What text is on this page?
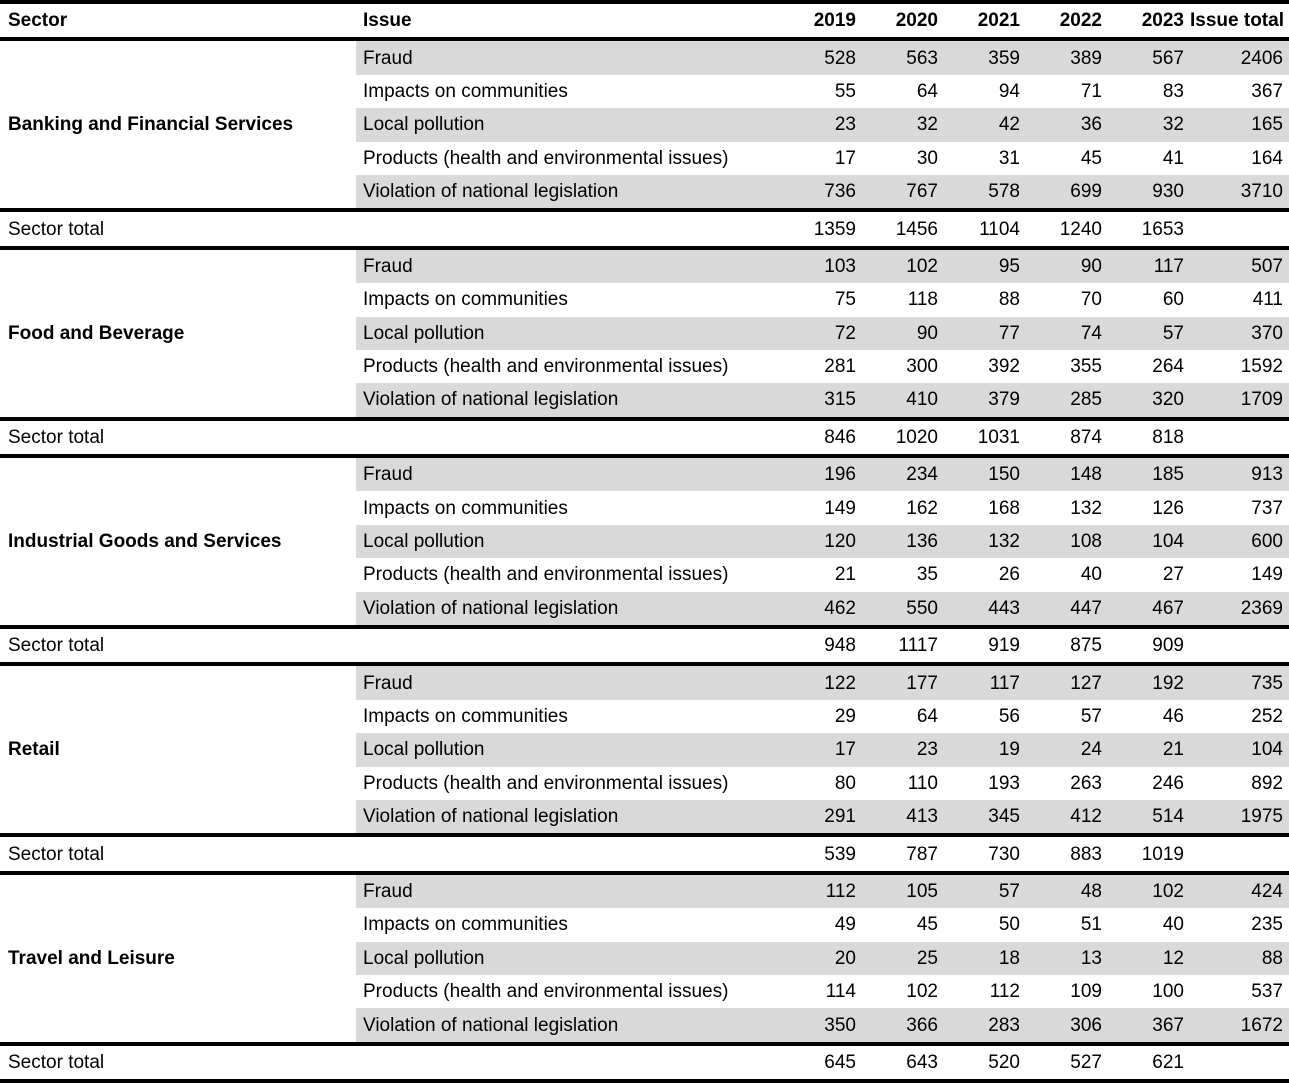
Sector	Issue	2019	2020	2021	2022	2023	Issue total
Banking and Financial Services	Fraud	528	563	359	389	567	2406
	Impacts on communities	55	64	94	71	83	367
	Local pollution	23	32	42	36	32	165
	Products (health and environmental issues)	17	30	31	45	41	164
	Violation of national legislation	736	767	578	699	930	3710
Sector total		1359	1456	1104	1240	1653	
Food and Beverage	Fraud	103	102	95	90	117	507
	Impacts on communities	75	118	88	70	60	411
	Local pollution	72	90	77	74	57	370
	Products (health and environmental issues)	281	300	392	355	264	1592
	Violation of national legislation	315	410	379	285	320	1709
Sector total		846	1020	1031	874	818	
Industrial Goods and Services	Fraud	196	234	150	148	185	913
	Impacts on communities	149	162	168	132	126	737
	Local pollution	120	136	132	108	104	600
	Products (health and environmental issues)	21	35	26	40	27	149
	Violation of national legislation	462	550	443	447	467	2369
Sector total		948	1117	919	875	909	
Retail	Fraud	122	177	117	127	192	735
	Impacts on communities	29	64	56	57	46	252
	Local pollution	17	23	19	24	21	104
	Products (health and environmental issues)	80	110	193	263	246	892
	Violation of national legislation	291	413	345	412	514	1975
Sector total		539	787	730	883	1019	
Travel and Leisure	Fraud	112	105	57	48	102	424
	Impacts on communities	49	45	50	51	40	235
	Local pollution	20	25	18	13	12	88
	Products (health and environmental issues)	114	102	112	109	100	537
	Violation of national legislation	350	366	283	306	367	1672
Sector total		645	643	520	527	621	
